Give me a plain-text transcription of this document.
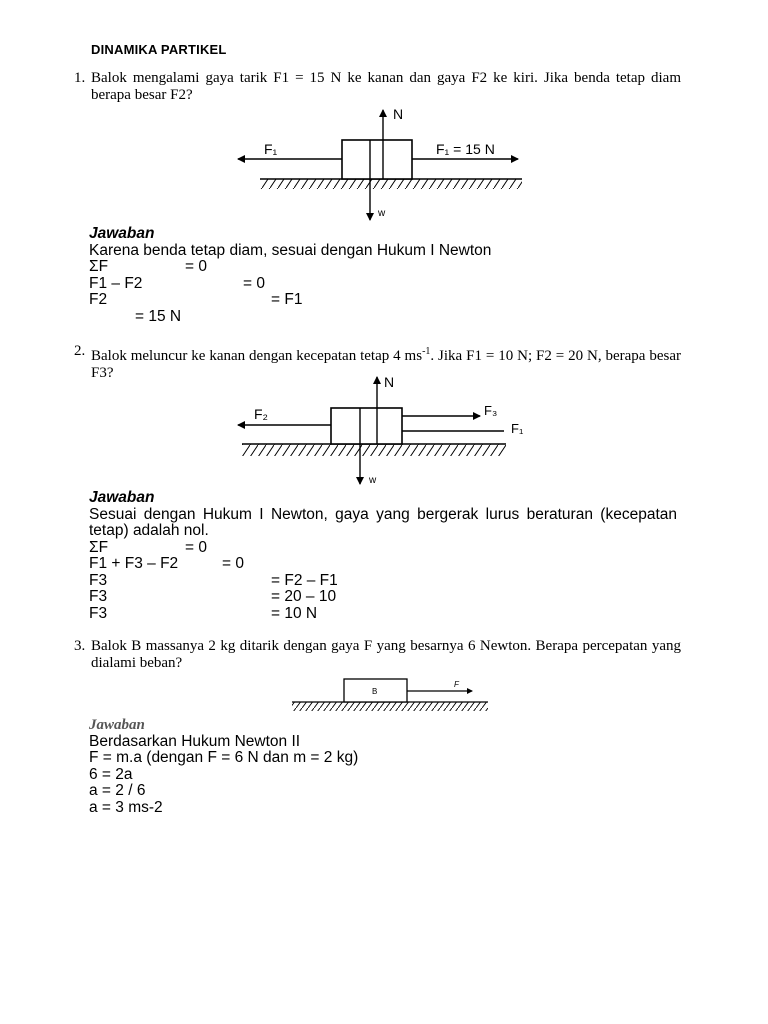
DINAMIKA PARTIKEL
1. Balok mengalami gaya tarik F1 = 15 N ke kanan dan gaya F2 ke kiri. Jika benda tetap diam berapa besar F2?
N
F₁	F₁ = 15 N
w
Jawaban
Karena benda tetap diam, sesuai dengan Hukum I Newton
ΣF	= 0
F1 – F2	= 0
F2	= F1
= 15 N
2. Balok meluncur ke kanan dengan kecepatan tetap 4 $ms^{-1}$. Jika F1 = 10 N; F2 = 20 N, berapa besar F3?
N
F₂	F₃
F₁
w
Jawaban
Sesuai dengan Hukum I Newton, gaya yang bergerak lurus beraturan (kecepatan tetap) adalah nol.
ΣF	= 0
F1 + F3 – F2	= 0
F3	= F2 – F1
F3	= 20 – 10
F3	= 10 N
3. Balok B massanya 2 kg ditarik dengan gaya F yang besarnya 6 Newton. Berapa percepatan yang dialami beban?
B
F
Jawaban
Berdasarkan Hukum Newton II
F = m.a (dengan F = 6 N dan m = 2 kg)
6 = 2a
a = 2 / 6
a = 3 ms-2
